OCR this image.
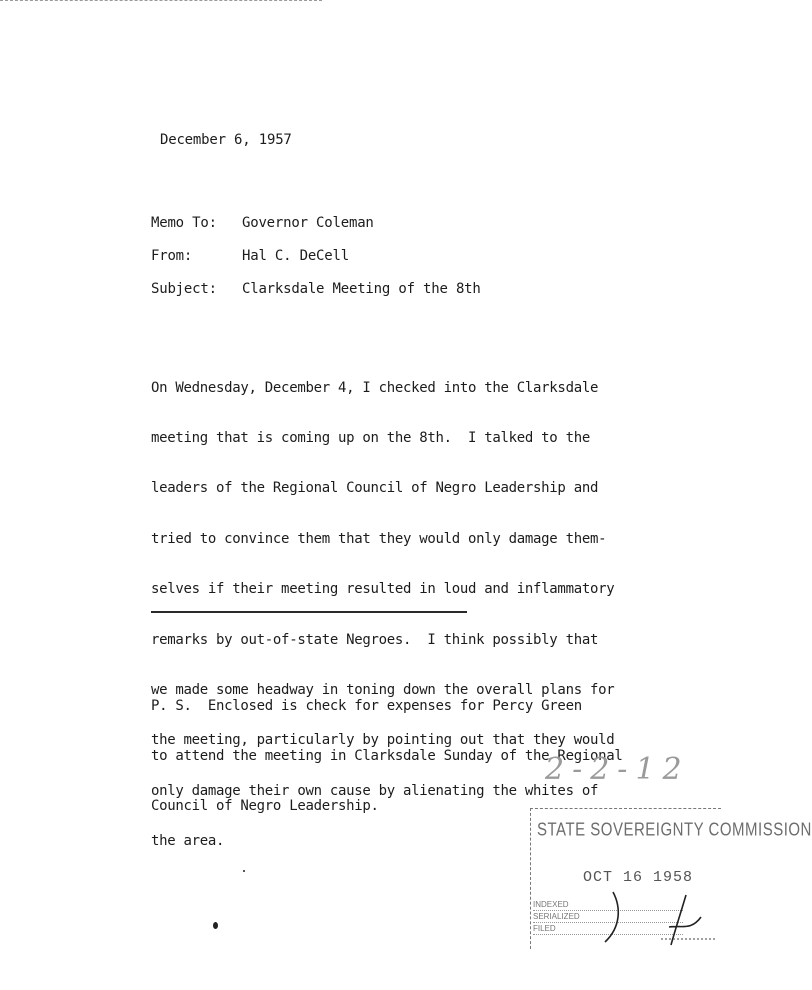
December 6, 1957
Memo To: Governor Coleman
From:	Hal C. DeCell
Subject: Clarksdale Meeting of the 8th

On Wednesday, December 4, I checked into the Clarksdale

meeting that is coming up on the 8th.  I talked to the

leaders of the Regional Council of Negro Leadership and

tried to convince them that they would only damage them-

selves if their meeting resulted in loud and inflammatory

remarks by out-of-state Negroes.  I think possibly that

we made some headway in toning down the overall plans for

the meeting, particularly by pointing out that they would

only damage their own cause by alienating the whites of

the area.

P. S.  Enclosed is check for expenses for Percy Green

to attend the meeting in Clarksdale Sunday of the Regional

Council of Negro Leadership.

2-2-12
STATE SOVEREIGNTY COMMISSION
OCT 16 1958
INDEXED
SERIALIZED
FILED
